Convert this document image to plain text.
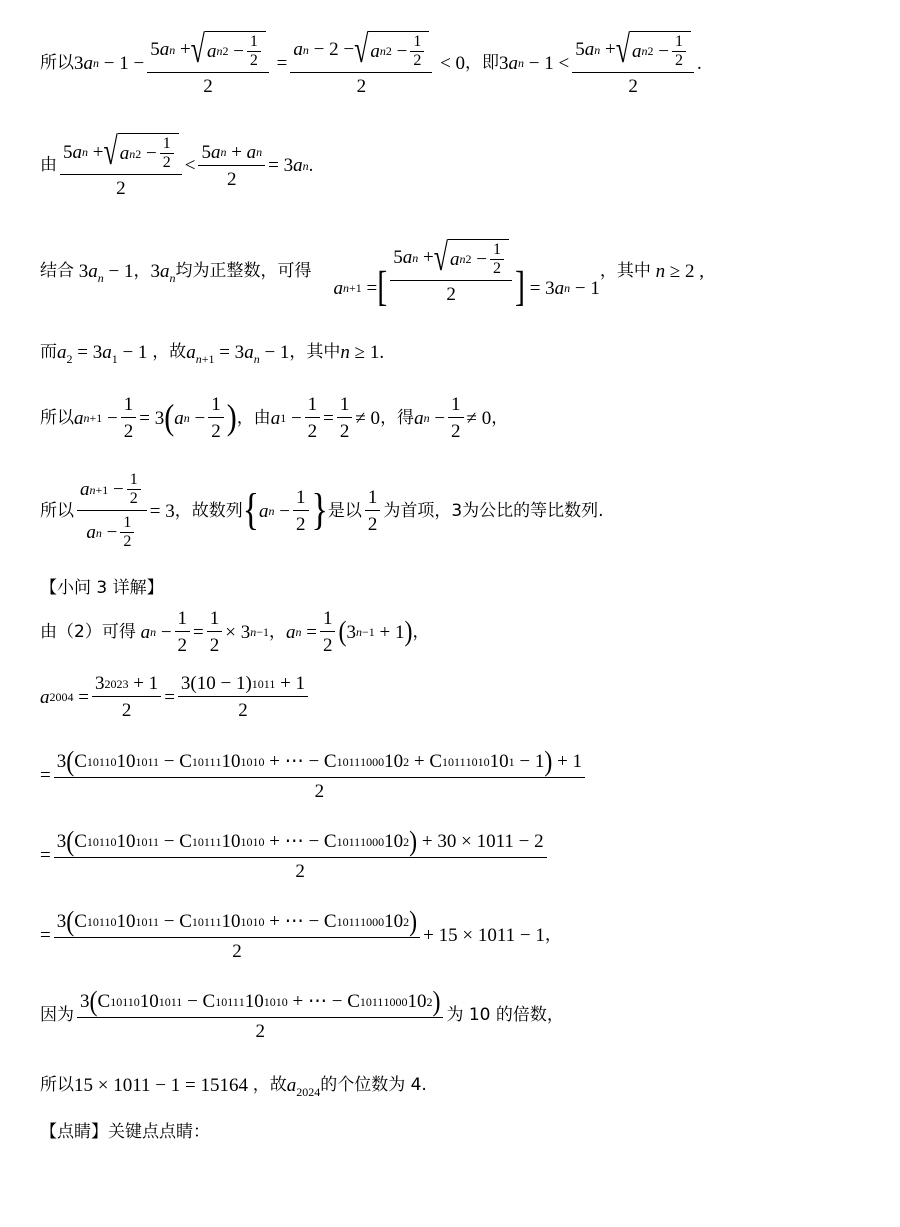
所以 3 a $n - 1 - \frac{5 a n + √ a n 2 - \frac{1}{2}}{2} = \frac{a n - 2 - √ a n 2 - \frac{1}{2}}{2} < 0$ ，即 3 a $n - 1 < \frac{5 a n + √ a n 2 - \frac{1}{2}}{2}$ .
由 $\frac{5 a n + √ a n 2 - \frac{1}{2}}{2} < \frac{\text{5 a n + a n}}{2} = 3$ a n .
结合 $3a_n - 1$ ， $3a_n$ 均为正整数，可得
a n+1 = [ $\frac{5 a n + √ a n 2 - \frac{1}{2}}{2}$ ] = 3 a n − 1
，其中 n ≥ 2 ,
而 $a_2 = 3a_1 - 1$ ，故 $a_{n+1} = 3a_n - 1$ ，其中 n ≥ 1.
所以 a $n+1 - \frac{1}{2} = 3$ ( a $n - \frac{1}{2}$ ) ，由 a $1 - \frac{1}{2} = \frac{1}{2} \ne 0$ ，得 a $n - \frac{1}{2} \ne 0$ ，
所以 $\frac{a n+1 - \frac{1}{2}}{a n - \frac{1}{2}} = 3$ ，故数列 { a $n - \frac{1}{2}$ } 是以 $\frac{1}{2}$ 为首项，3为公比的等比数列.
【小问 3 详解】
由（2）可得
a $n - \frac{1}{2} = \frac{1}{2} \times 3$ n−1 ， a $n = \frac{1}{2}$ ( 3 n−1 + 1 ) ，
a $2004 = \frac{3 2023 + 1}{2} = \frac{3(10 - 1) 1011 + 1}{2}$
=
3 ( C 1011 0 10 1011 − C 1011 1 10 1010 + ⋯ − C 1011 1000 10 2 + C 1011 1010 10 1 − 1 ) + 1
2
=
3 ( C 1011 0 10 1011 − C 1011 1 10 1010 + ⋯ − C 1011 1000 10 2 ) + 30 × 1011 − 2
2
= $\frac{3 ( C 1011 0 10 1011 - C 1011 1 10 1010 + \cdots - C 1011 1000 10 2 )}{2} + 15 \times 1011 - 1$ ，
因为 $\frac{3 ( C 1011 0 10 1011 - C 1011 1 10 1010 + \cdots - C 1011 1000 10 2 )}{2}$ 为 10 的倍数，
所以 15 × 1011 − 1 = 15164 ，故 $a_{2024}$ 的个位数为 4.
【点睛】关键点点睛：
